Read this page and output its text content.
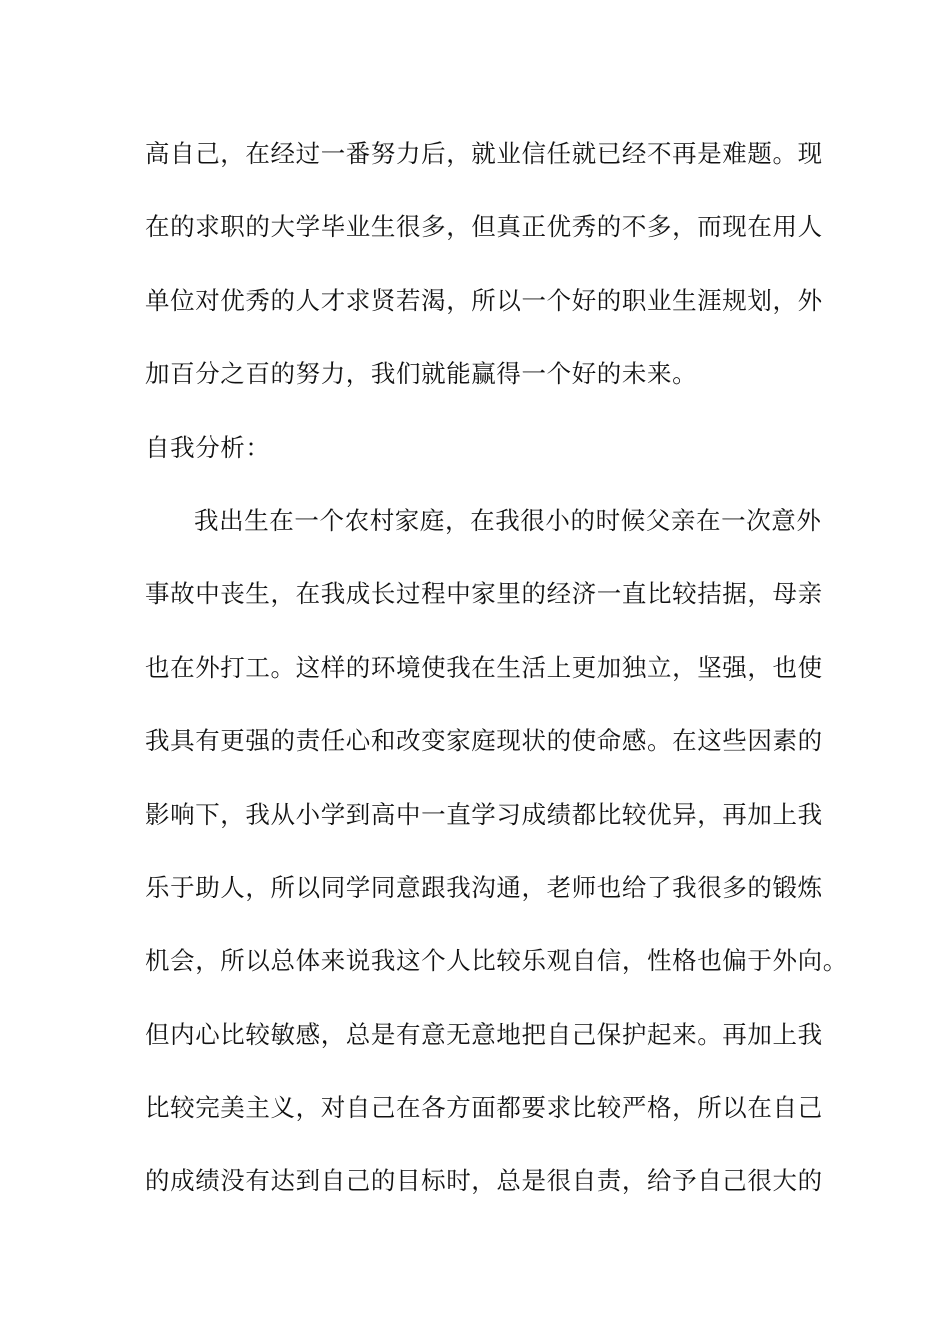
高自己，在经过一番努力后，就业信任就已经不再是难题。现
在的求职的大学毕业生很多，但真正优秀的不多，而现在用人
单位对优秀的人才求贤若渴，所以一个好的职业生涯规划，外
加百分之百的努力，我们就能赢得一个好的未来。
自我分析：
我出生在一个农村家庭，在我很小的时候父亲在一次意外
事故中丧生，在我成长过程中家里的经济一直比较拮据，母亲
也在外打工。这样的环境使我在生活上更加独立，坚强，也使
我具有更强的责任心和改变家庭现状的使命感。在这些因素的
影响下，我从小学到高中一直学习成绩都比较优异，再加上我
乐于助人，所以同学同意跟我沟通，老师也给了我很多的锻炼
机会，所以总体来说我这个人比较乐观自信，性格也偏于外向。
但内心比较敏感，总是有意无意地把自己保护起来。再加上我
比较完美主义，对自己在各方面都要求比较严格，所以在自己
的成绩没有达到自己的目标时，总是很自责，给予自己很大的
